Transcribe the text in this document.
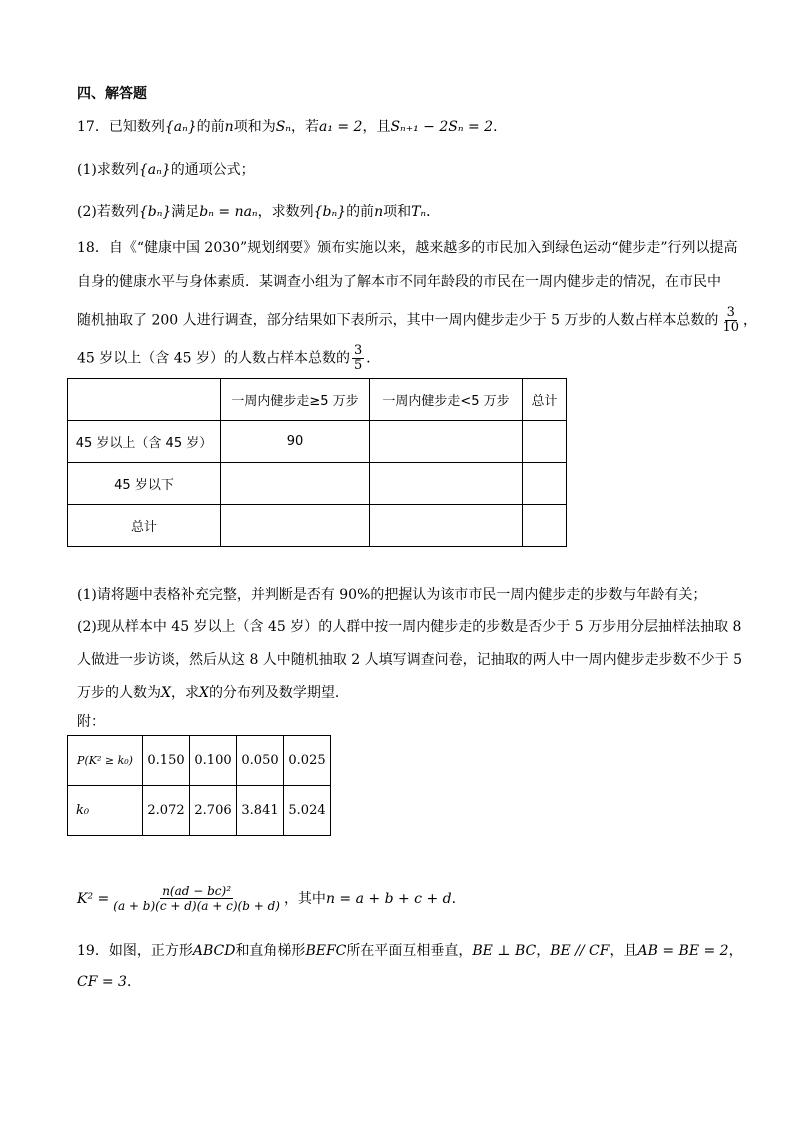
四、解答题
17．已知数列{aₙ}的前n项和为Sₙ，若a₁ = 2，且Sₙ₊₁ − 2Sₙ = 2．
(1)求数列{aₙ}的通项公式；
(2)若数列{bₙ}满足bₙ = naₙ，求数列{bₙ}的前n项和Tₙ．
18．自《“健康中国 2030”规划纲要》颁布实施以来，越来越多的市民加入到绿色运动“健步走”行列以提高
自身的健康水平与身体素质．某调查小组为了解本市不同年龄段的市民在一周内健步走的情况，在市民中
随机抽取了 200 人进行调查，部分结果如下表所示，其中一周内健步走少于 5 万步的人数占样本总数的 $\frac{3}{10}$ ，
45 岁以上（含 45 岁）的人数占样本总数的 $\frac{3}{5}$ ．
	一周内健步走≥5 万步	一周内健步走<5 万步	总计
45 岁以上（含 45 岁）	90		
45 岁以下			
总计			
(1)请将题中表格补充完整，并判断是否有 90%的把握认为该市市民一周内健步走的步数与年龄有关；
(2)现从样本中 45 岁以上（含 45 岁）的人群中按一周内健步走的步数是否少于 5 万步用分层抽样法抽取 8
人做进一步访谈，然后从这 8 人中随机抽取 2 人填写调查问卷，记抽取的两人中一周内健步走步数不少于 5
万步的人数为X，求X的分布列及数学期望．
附：
P(K² ≥ k₀)	0.150	0.100	0.050	0.025
k₀	2.072	2.706	3.841	5.024
$K^2 = \frac{\text{n(ad − bc)²}}{(a + b)(c + d)(a + c)(b + d)}$ ，其中 n = a + b + c + d ．
19．如图，正方形ABCD和直角梯形BEFC所在平面互相垂直，BE ⊥ BC，BE // CF，且AB = BE = 2，
CF = 3．
